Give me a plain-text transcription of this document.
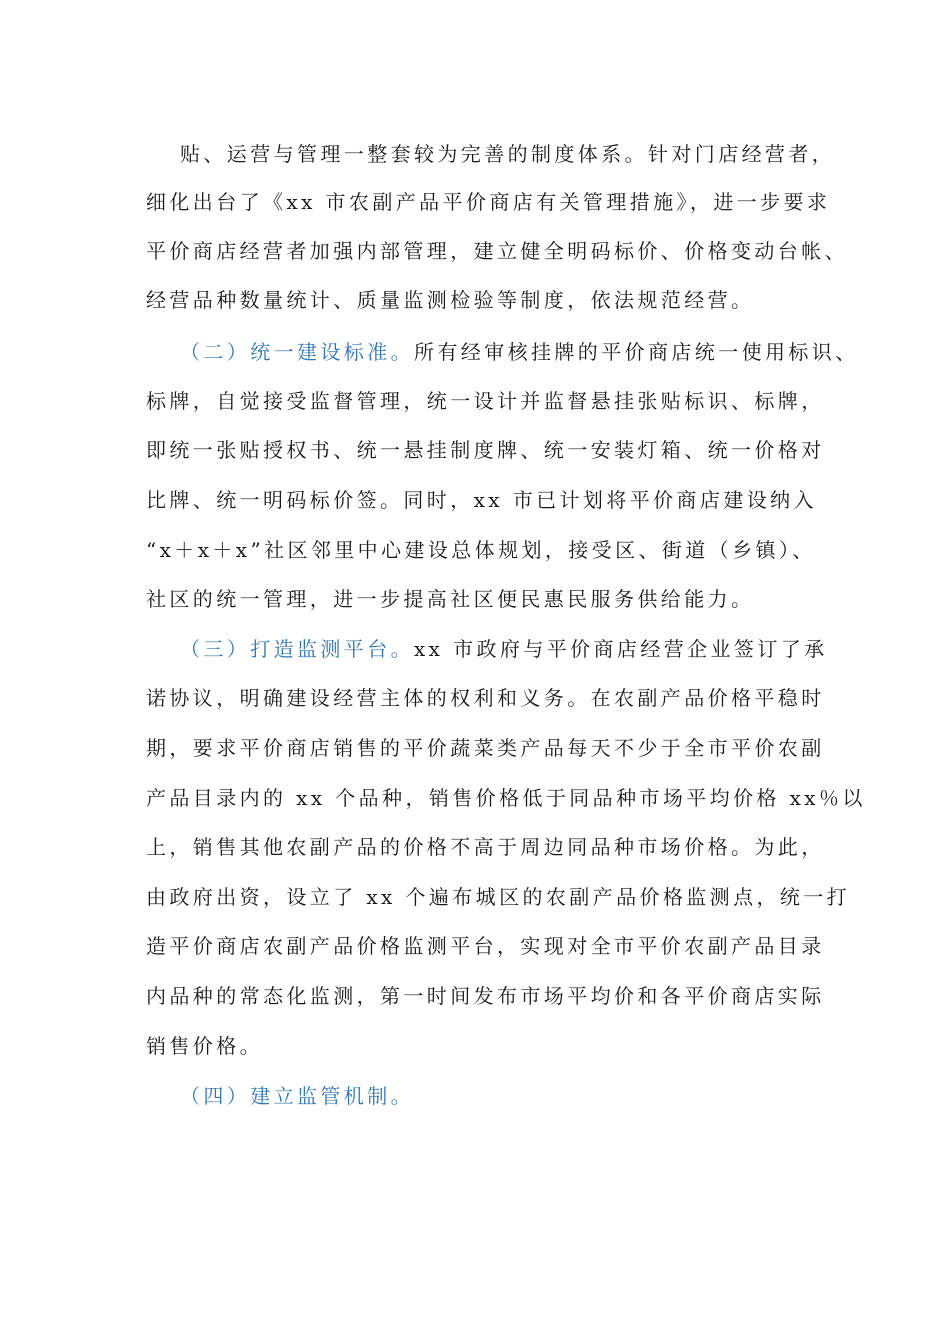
贴、运营与管理一整套较为完善的制度体系。针对门店经营者，
细化出台了《xx 市农副产品平价商店有关管理措施》，进一步要求
平价商店经营者加强内部管理，建立健全明码标价、价格变动台帐、
经营品种数量统计、质量监测检验等制度，依法规范经营。
（二）统一建设标准。所有经审核挂牌的平价商店统一使用标识、
标牌，自觉接受监督管理，统一设计并监督悬挂张贴标识、标牌，
即统一张贴授权书、统一悬挂制度牌、统一安装灯箱、统一价格对
比牌、统一明码标价签。同时，xx 市已计划将平价商店建设纳入
“x＋x＋x”社区邻里中心建设总体规划，接受区、街道（乡镇）、
社区的统一管理，进一步提高社区便民惠民服务供给能力。
（三）打造监测平台。xx 市政府与平价商店经营企业签订了承
诺协议，明确建设经营主体的权利和义务。在农副产品价格平稳时
期，要求平价商店销售的平价蔬菜类产品每天不少于全市平价农副
产品目录内的 xx 个品种，销售价格低于同品种市场平均价格 xx％以
上，销售其他农副产品的价格不高于周边同品种市场价格。为此，
由政府出资，设立了 xx 个遍布城区的农副产品价格监测点，统一打
造平价商店农副产品价格监测平台，实现对全市平价农副产品目录
内品种的常态化监测，第一时间发布市场平均价和各平价商店实际
销售价格。
（四）建立监管机制。
